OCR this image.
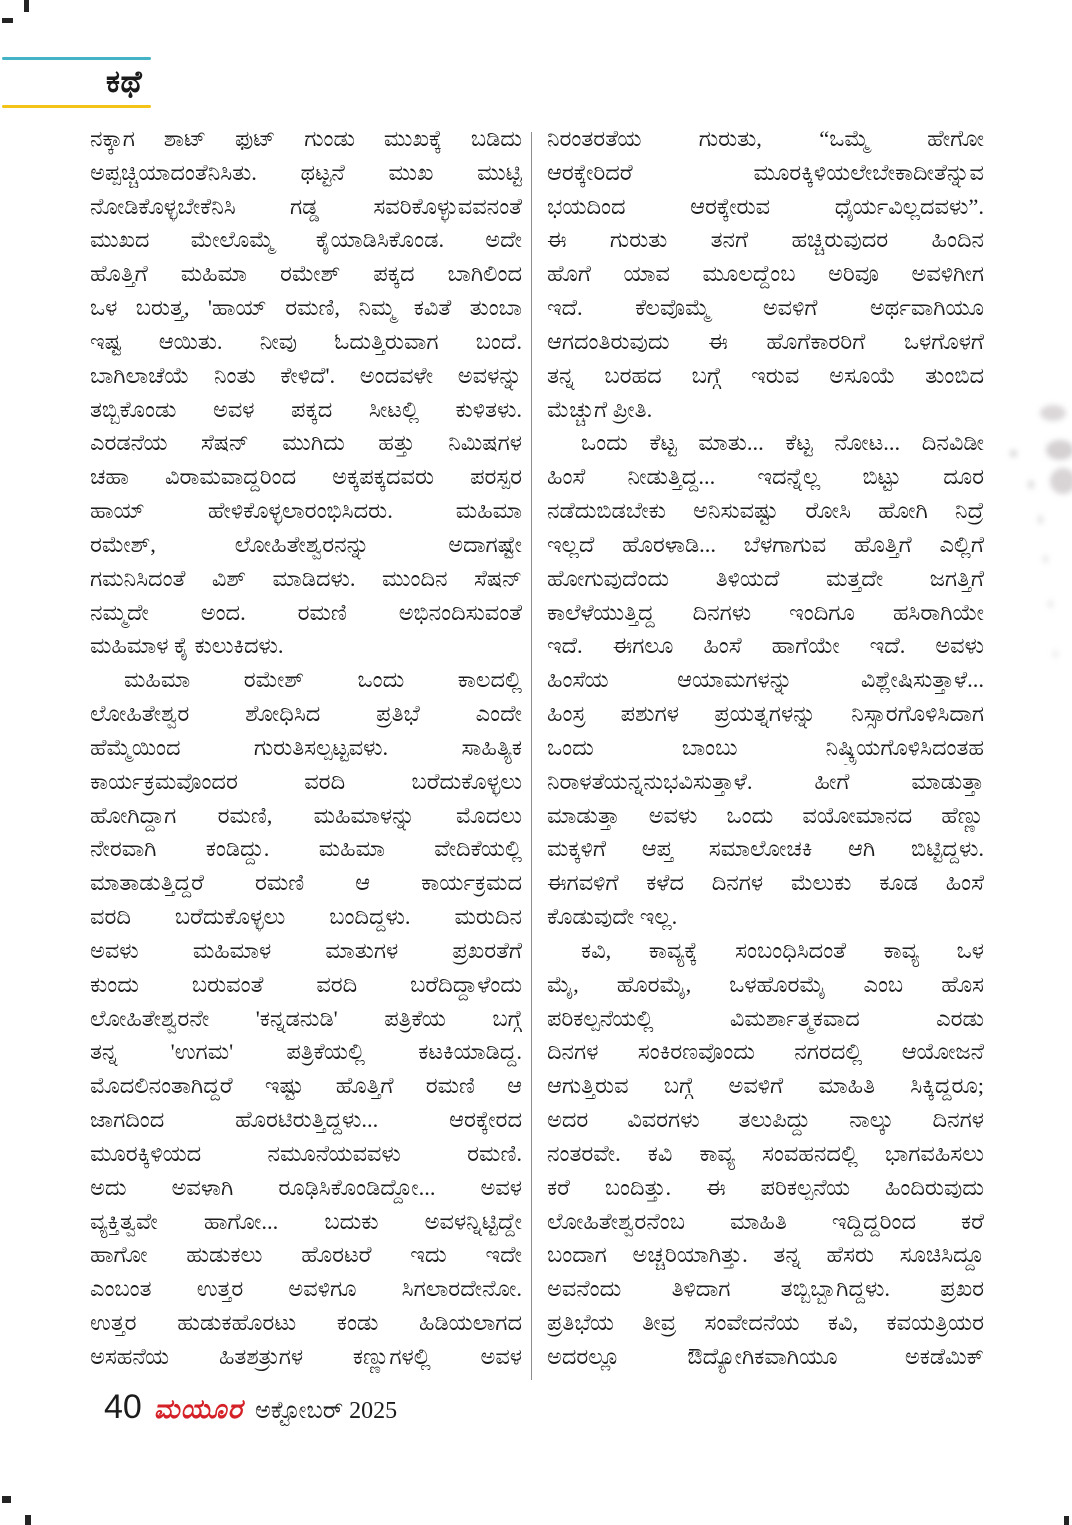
ಕಥೆ
ನಕ್ಕಾಗ ಶಾಟ್ ಫುಟ್ ಗುಂಡು ಮುಖಕ್ಕೆ ಬಡಿದು
ಅಪ್ಪಚ್ಚಿಯಾದಂತೆನಿಸಿತು. ಥಟ್ಟನೆ ಮುಖ ಮುಟ್ಟಿ
ನೋಡಿಕೊಳ್ಳಬೇಕೆನಿಸಿ ಗಡ್ಡ ಸವರಿಕೊಳ್ಳುವವನಂತೆ
ಮುಖದ ಮೇಲೊಮ್ಮೆ ಕೈಯಾಡಿಸಿಕೊಂಡ. ಅದೇ
ಹೊತ್ತಿಗೆ ಮಹಿಮಾ ರಮೇಶ್ ಪಕ್ಕದ ಬಾಗಿಲಿಂದ
ಒಳ ಬರುತ್ತ, 'ಹಾಯ್ ರಮಣಿ, ನಿಮ್ಮ ಕವಿತೆ ತುಂಬಾ
ಇಷ್ಟ ಆಯಿತು. ನೀವು ಓದುತ್ತಿರುವಾಗ ಬಂದೆ.
ಬಾಗಿಲಾಚೆಯೆ ನಿಂತು ಕೇಳಿದೆ'. ಅಂದವಳೇ ಅವಳನ್ನು
ತಬ್ಬಿಕೊಂಡು ಅವಳ ಪಕ್ಕದ ಸೀಟಲ್ಲಿ ಕುಳಿತಳು.
ಎರಡನೆಯ ಸೆಷನ್ ಮುಗಿದು ಹತ್ತು ನಿಮಿಷಗಳ
ಚಹಾ ವಿರಾಮವಾದ್ದರಿಂದ ಅಕ್ಕಪಕ್ಕದವರು ಪರಸ್ಪರ
ಹಾಯ್ ಹೇಳಿಕೊಳ್ಳಲಾರಂಭಿಸಿದರು. ಮಹಿಮಾ
ರಮೇಶ್, ಲೋಹಿತೇಶ್ವರನನ್ನು ಅದಾಗಷ್ಟೇ
ಗಮನಿಸಿದಂತೆ ವಿಶ್ ಮಾಡಿದಳು. ಮುಂದಿನ ಸೆಷನ್
ನಮ್ಮದೇ ಅಂದ. ರಮಣಿ ಅಭಿನಂದಿಸುವಂತೆ
ಮಹಿಮಾಳ ಕೈ ಕುಲುಕಿದಳು.
ಮಹಿಮಾ ರಮೇಶ್ ಒಂದು ಕಾಲದಲ್ಲಿ
ಲೋಹಿತೇಶ್ವರ ಶೋಧಿಸಿದ ಪ್ರತಿಭೆ ಎಂದೇ
ಹೆಮ್ಮೆಯಿಂದ ಗುರುತಿಸಲ್ಪಟ್ಟವಳು. ಸಾಹಿತ್ಯಿಕ
ಕಾರ್ಯಕ್ರಮವೊಂದರ ವರದಿ ಬರೆದುಕೊಳ್ಳಲು
ಹೋಗಿದ್ದಾಗ ರಮಣಿ, ಮಹಿಮಾಳನ್ನು ಮೊದಲು
ನೇರವಾಗಿ ಕಂಡಿದ್ದು. ಮಹಿಮಾ ವೇದಿಕೆಯಲ್ಲಿ
ಮಾತಾಡುತ್ತಿದ್ದರೆ ರಮಣಿ ಆ ಕಾರ್ಯಕ್ರಮದ
ವರದಿ ಬರೆದುಕೊಳ್ಳಲು ಬಂದಿದ್ದಳು. ಮರುದಿನ
ಅವಳು ಮಹಿಮಾಳ ಮಾತುಗಳ ಪ್ರಖರತೆಗೆ
ಕುಂದು ಬರುವಂತೆ ವರದಿ ಬರೆದಿದ್ದಾಳೆಂದು
ಲೋಹಿತೇಶ್ವರನೇ 'ಕನ್ನಡನುಡಿ' ಪತ್ರಿಕೆಯ ಬಗ್ಗೆ
ತನ್ನ 'ಉಗಮ' ಪತ್ರಿಕೆಯಲ್ಲಿ ಕಟಕಿಯಾಡಿದ್ದ.
ಮೊದಲಿನಂತಾಗಿದ್ದರೆ ಇಷ್ಟು ಹೊತ್ತಿಗೆ ರಮಣಿ ಆ
ಜಾಗದಿಂದ ಹೊರಟಿರುತ್ತಿದ್ದಳು... ಆರಕ್ಕೇರದ
ಮೂರಕ್ಕಿಳಿಯದ ನಮೂನೆಯವವಳು ರಮಣಿ.
ಅದು ಅವಳಾಗಿ ರೂಢಿಸಿಕೊಂಡಿದ್ದೋ... ಅವಳ
ವ್ಯಕ್ತಿತ್ವವೇ ಹಾಗೋ... ಬದುಕು ಅವಳನ್ನಿಟ್ಟಿದ್ದೇ
ಹಾಗೋ ಹುಡುಕಲು ಹೊರಟರೆ ಇದು ಇದೇ
ಎಂಬಂತ ಉತ್ತರ ಅವಳಿಗೂ ಸಿಗಲಾರದೇನೋ.
ಉತ್ತರ ಹುಡುಕಹೊರಟು ಕಂಡು ಹಿಡಿಯಲಾಗದ
ಅಸಹನೆಯ ಹಿತಶತ್ರುಗಳ ಕಣ್ಣುಗಳಲ್ಲಿ ಅವಳ
ನಿರಂತರತೆಯ ಗುರುತು, “ಒಮ್ಮೆ ಹೇಗೋ
ಆರಕ್ಕೇರಿದರೆ ಮೂರಕ್ಕಿಳಿಯಲೇಬೇಕಾದೀತೆನ್ನುವ
ಭಯದಿಂದ ಆರಕ್ಕೇರುವ ಧೈರ್ಯವಿಲ್ಲದವಳು”.
ಈ ಗುರುತು ತನಗೆ ಹಚ್ಚಿರುವುದರ ಹಿಂದಿನ
ಹೊಗೆ ಯಾವ ಮೂಲದ್ದೆಂಬ ಅರಿವೂ ಅವಳಿಗೀಗ
ಇದೆ. ಕೆಲವೊಮ್ಮೆ ಅವಳಿಗೆ ಅರ್ಥವಾಗಿಯೂ
ಆಗದಂತಿರುವುದು ಈ ಹೊಗೆಕಾರರಿಗೆ ಒಳಗೊಳಗೆ
ತನ್ನ ಬರಹದ ಬಗ್ಗೆ ಇರುವ ಅಸೂಯೆ ತುಂಬಿದ
ಮೆಚ್ಚುಗೆ ಪ್ರೀತಿ.
ಒಂದು ಕೆಟ್ಟ ಮಾತು... ಕೆಟ್ಟ ನೋಟ... ದಿನವಿಡೀ
ಹಿಂಸೆ ನೀಡುತ್ತಿದ್ದ... ಇದನ್ನೆಲ್ಲ ಬಿಟ್ಟು ದೂರ
ನಡೆದುಬಿಡಬೇಕು ಅನಿಸುವಷ್ಟು ರೋಸಿ ಹೋಗಿ ನಿದ್ರೆ
ಇಲ್ಲದೆ ಹೊರಳಾಡಿ... ಬೆಳಗಾಗುವ ಹೊತ್ತಿಗೆ ಎಲ್ಲಿಗೆ
ಹೋಗುವುದೆಂದು ತಿಳಿಯದೆ ಮತ್ತದೇ ಜಗತ್ತಿಗೆ
ಕಾಲೆಳೆಯುತ್ತಿದ್ದ ದಿನಗಳು ಇಂದಿಗೂ ಹಸಿರಾಗಿಯೇ
ಇದೆ. ಈಗಲೂ ಹಿಂಸೆ ಹಾಗೆಯೇ ಇದೆ. ಅವಳು
ಹಿಂಸೆಯ ಆಯಾಮಗಳನ್ನು ವಿಶ್ಲೇಷಿಸುತ್ತಾಳೆ...
ಹಿಂಸ್ರ ಪಶುಗಳ ಪ್ರಯತ್ನಗಳನ್ನು ನಿಸ್ಸಾರಗೊಳಿಸಿದಾಗ
ಒಂದು ಬಾಂಬು ನಿಷ್ಕ್ರಿಯಗೊಳಿಸಿದಂತಹ
ನಿರಾಳತೆಯನ್ನನುಭವಿಸುತ್ತಾಳೆ. ಹೀಗೆ ಮಾಡುತ್ತಾ
ಮಾಡುತ್ತಾ ಅವಳು ಒಂದು ವಯೋಮಾನದ ಹೆಣ್ಣು
ಮಕ್ಕಳಿಗೆ ಆಪ್ತ ಸಮಾಲೋಚಕಿ ಆಗಿ ಬಿಟ್ಟಿದ್ದಳು.
ಈಗವಳಿಗೆ ಕಳೆದ ದಿನಗಳ ಮೆಲುಕು ಕೂಡ ಹಿಂಸೆ
ಕೊಡುವುದೇ ಇಲ್ಲ.
ಕವಿ, ಕಾವ್ಯಕ್ಕೆ ಸಂಬಂಧಿಸಿದಂತೆ ಕಾವ್ಯ ಒಳ
ಮೈ, ಹೊರಮೈ, ಒಳಹೊರಮೈ ಎಂಬ ಹೊಸ
ಪರಿಕಲ್ಪನೆಯಲ್ಲಿ ವಿಮರ್ಶಾತ್ಮಕವಾದ ಎರಡು
ದಿನಗಳ ಸಂಕಿರಣವೊಂದು ನಗರದಲ್ಲಿ ಆಯೋಜನೆ
ಆಗುತ್ತಿರುವ ಬಗ್ಗೆ ಅವಳಿಗೆ ಮಾಹಿತಿ ಸಿಕ್ಕಿದ್ದರೂ;
ಅದರ ವಿವರಗಳು ತಲುಪಿದ್ದು ನಾಲ್ಕು ದಿನಗಳ
ನಂತರವೇ. ಕವಿ ಕಾವ್ಯ ಸಂವಹನದಲ್ಲಿ ಭಾಗವಹಿಸಲು
ಕರೆ ಬಂದಿತ್ತು. ಈ ಪರಿಕಲ್ಪನೆಯ ಹಿಂದಿರುವುದು
ಲೋಹಿತೇಶ್ವರನೆಂಬ ಮಾಹಿತಿ ಇದ್ದಿದ್ದರಿಂದ ಕರೆ
ಬಂದಾಗ ಅಚ್ಚರಿಯಾಗಿತ್ತು. ತನ್ನ ಹೆಸರು ಸೂಚಿಸಿದ್ದೂ
ಅವನೆಂದು ತಿಳಿದಾಗ ತಬ್ಬಿಬ್ಬಾಗಿದ್ದಳು. ಪ್ರಖರ
ಪ್ರತಿಭೆಯ ತೀವ್ರ ಸಂವೇದನೆಯ ಕವಿ, ಕವಯತ್ರಿಯರ
ಅದರಲ್ಲೂ ಔದ್ಯೋಗಿಕವಾಗಿಯೂ ಅಕಡೆಮಿಕ್
40 ಮಯೂರ ಅಕ್ಟೋಬರ್ 2025
